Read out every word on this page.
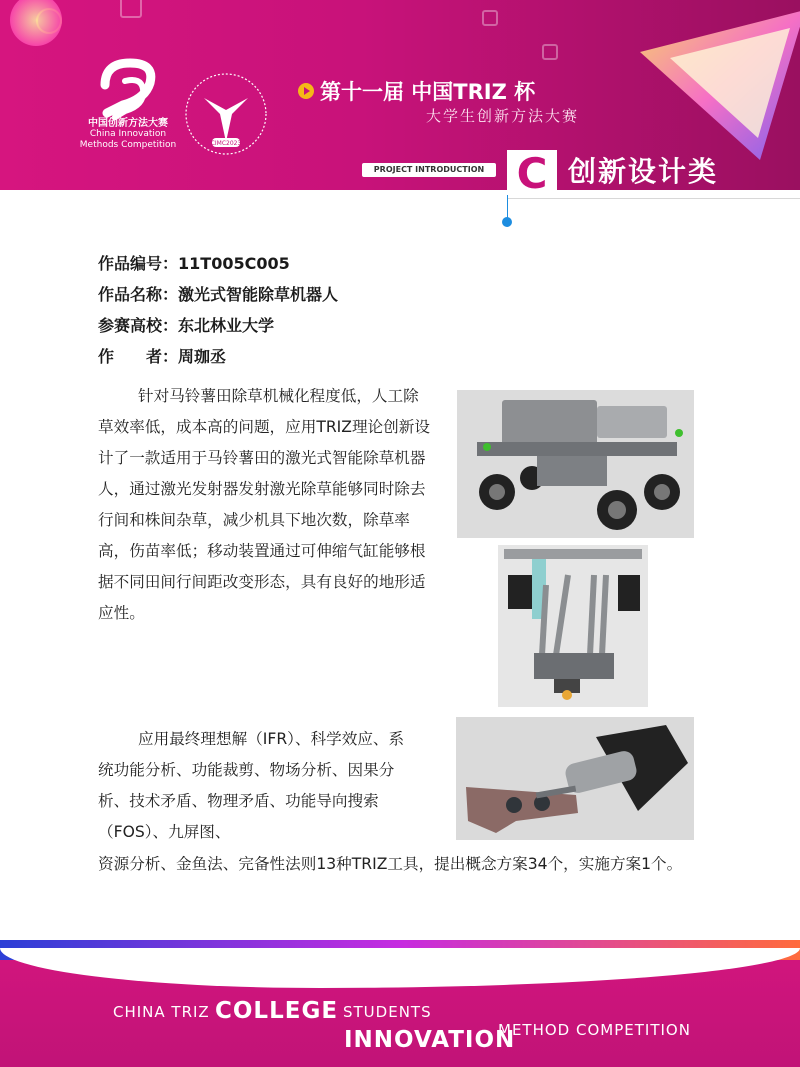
中国创新方法大赛
China Innovation Methods Competition	CIMC2023
第十一届 中国TRIZ 杯
大学生创新方法大赛
PROJECT INTRODUCTION C 创新设计类
作品编号：11T005C005
作品名称：激光式智能除草机器人
参赛高校：东北林业大学
作　　者：周珈丞

针对马铃薯田除草机械化程度低，人工除草效率低，成本高的问题，应用TRIZ理论创新设计了一款适用于马铃薯田的激光式智能除草机器人，通过激光发射器发射激光除草能够同时除去行间和株间杂草，减少机具下地次数，除草率高，伤苗率低；移动装置通过可伸缩气缸能够根据不同田间行间距改变形态，具有良好的地形适应性。

应用最终理想解（IFR）、科学效应、系统功能分析、功能裁剪、物场分析、因果分析、技术矛盾、物理矛盾、功能导向搜索（FOS）、九屏图、

资源分析、金鱼法、完备性法则13种TRIZ工具，提出概念方案34个，实施方案1个。

CHINA TRIZ COLLEGE STUDENTS
INNOVATION
METHOD COMPETITION
